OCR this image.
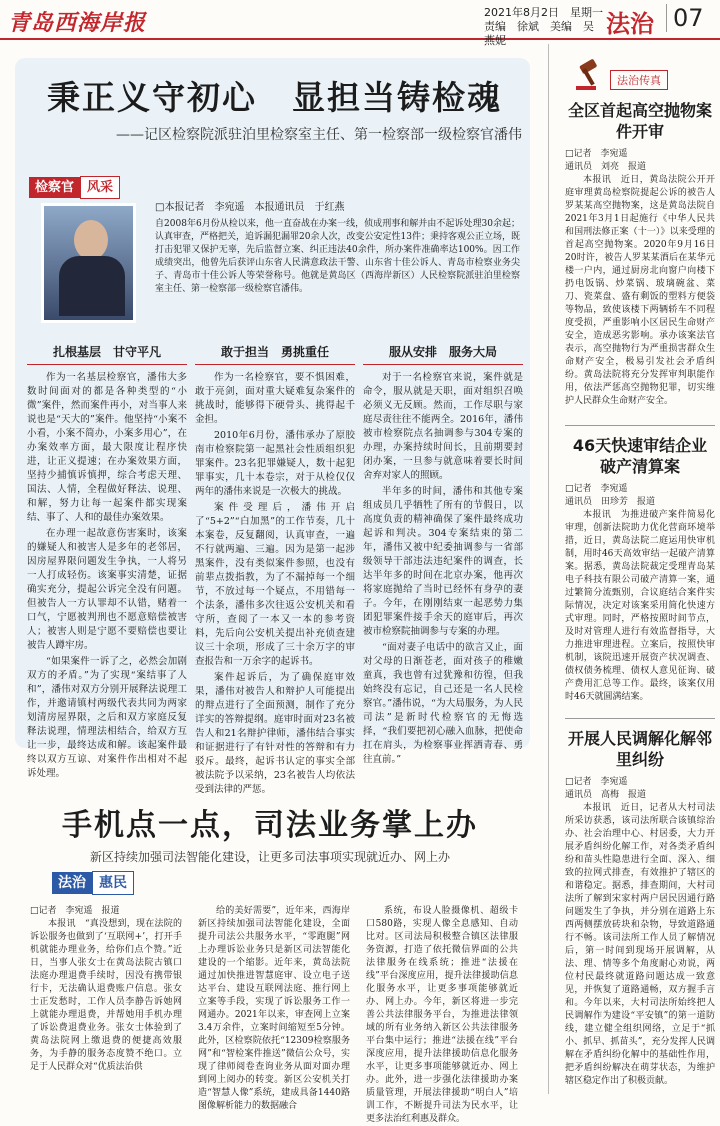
青岛西海岸报	2021年8月2日　 星期一
责编　徐斌　美编　吴燕妮
法治 07
秉正义守初心　显担当铸检魂
——记区检察院派驻泊里检察室主任、第一检察部一级检察官潘伟
检察官 风采
□本报记者　李宛遥　本报通讯员　于红燕
自2008年6月份从检以来，他一直奋战在办案一线，侦成刑事和解并由不起诉处理30余起；认真审查，严格把关，追诉漏犯漏罪20余人次，改变公安定性13件；秉持客观公正立场，既打击犯罪又保护无辜，先后监督立案、纠正违法40余件，所办案件准确率达100%。因工作成绩突出，他曾先后获评山东省人民满意政法干警、山东省十佳公诉人、青岛市检察业务尖子、青岛市十佳公诉人等荣誉称号。他就是黄岛区（西海岸新区）人民检察院派驻泊里检察室主任、第一检察部一级检察官潘伟。
扎根基层　甘守平凡

作为一名基层检察官，潘伟大多数时间面对的都是各种类型的“小微”案件，然而案件再小，对当事人来说也是“天大的”案件。他坚持“小案不小看，小案不简办，小案多用心”，在办案效率方面，最大限度让程序快进，让正义提速；在办案效果方面，坚持少捕慎诉慎押，综合考虑天理、国法、人情，全程做好释法、说理、和解，努力让每一起案件都实现案结、事了、人和的最佳办案效果。

在办理一起故意伤害案时，该案的嫌疑人和被害人是多年的老邻居，因房屋界限问题发生争执，一人将另一人打成轻伤。该案事实清楚，证据确实充分，提起公诉完全没有问题。但被告人一方认罪却不认错，赌着一口气，宁愿被判刑也不愿意赔偿被害人；被害人则是宁愿不要赔偿也要让被告人蹲牢房。

“如果案件一诉了之，必然会加剧双方的矛盾。”为了实现“案结事了人和”，潘伟对双方分别开展释法说理工作，并邀请镇村两级代表共同为两家划清房屋界限，之后和双方家庭反复释法说理，情理法相结合，给双方互让一步，最终达成和解。该起案件最终以双方互谅、对案件作出相对不起诉处理。

敢于担当　勇挑重任

作为一名检察官，要不惧困难，敢于亮剑，面对重大疑难复杂案件的挑战时，能够得下硬骨头、挑得起千金担。

2010年6月份，潘伟承办了原胶南市检察院第一起黑社会性质组织犯罪案件。23名犯罪嫌疑人，数十起犯罪事实，几十本卷宗，对于从检仅仅两年的潘伟来说是一次极大的挑战。

案件受理后，潘伟开启了“5+2”“白加黑”的工作节奏，几十本案卷，反复翻阅，认真审查，一遍不行就两遍、三遍。因为是第一起涉黑案件，没有类似案件参照，也没有前辈点拨指教，为了不漏掉每一个细节，不放过每一个疑点，不用错每一个法条，潘伟多次往返公安机关和看守所，查阅了一本又一本的参考资料，先后向公安机关提出补充侦查建议三十余项，形成了三十余万字的审查报告和一万余字的起诉书。

案件起诉后，为了确保庭审效果，潘伟对被告人和辩护人可能提出的辩点进行了全面预测，制作了充分详实的答辩提纲。庭审时面对23名被告人和21名辩护律师，潘伟结合事实和证据进行了有针对性的答辩和有力驳斥。最终，起诉书认定的事实全部被法院予以采纳，23名被告人均依法受到法律的严惩。

服从安排　服务大局

对于一名检察官来说，案件就是命令，服从就是天职，面对组织召唤必须义无反顾。然而，工作尽职与家庭尽责往往不能两全。2016年，潘伟被市检察院点名抽调参与304专案的办理，办案持续时间长，且前期要封闭办案，一旦参与就意味着要长时间舍弃对家人的照顾。

半年多的时间，潘伟和其他专案组成员几乎牺牲了所有的节假日，以高度负责的精神确保了案件最终成功起诉和判决。304专案结束的第二年，潘伟又被中纪委抽调参与一省部级领导干部违法违纪案件的调查，长达半年多的时间在北京办案，他再次将家庭抛给了当时已经怀有身孕的妻子。今年，在刚刚结束一起恶势力集团犯罪案件接手余天的庭审后，再次被市检察院抽调参与专案的办理。

“面对妻子电话中的欲言又止，面对父母的日渐苍老，面对孩子的稚嫩童真，我也曾有过犹豫和彷徨，但我始终没有忘记，自己还是一名人民检察官。”潘伟说，“为大局服务，为人民司法”是新时代检察官的无悔选择，“我们要把初心融入血脉，把使命扛在肩头，为检察事业挥洒青春、勇往直前。”

手机点一点，司法业务掌上办
新区持续加强司法智能化建设，让更多司法事项实现就近办、网上办
法治 惠民

□记者　李宛遥　报道

本报讯　“真没想到，现在法院的诉讼服务也做到了‘互联网+’，打开手机就能办理业务，给你们点个赞。”近日，当事人张女士在黄岛法院古镇口法庭办理退费手续时，因没有携带银行卡，无法确认退费账户信息。张女士正发愁时，工作人员李静告诉她网上就能办理退费，并帮她用手机办理了诉讼费退费业务。张女士体验到了黄岛法院网上缴退费的便捷高效服务，为手静的服务态度赞不绝口。立足于人民群众对“优质法治供

给的美好需要”，近年来，西海岸新区持续加强司法智能化建设，全面提升司法公共服务水平，“零跑腿”网上办理诉讼业务只是新区司法智能化建设的一个缩影。近年来，黄岛法院通过加快推进智慧庭审、设立电子送达平台、建设互联网法庭、推行网上立案等手段，实现了诉讼服务工作一网通办。2021年以来，审查网上立案3.4万余件，立案时间缩短至5分钟。此外，区检察院依托“12309检察服务网”和“智检案件推送”微信公众号，实现了律师阅卷查询业务从面对面办理到网上阅办的转变。新区公安机关打造“智慧人像”系统，建成具备1440路图像解析能力的数据融合

系统，布设人脸摄像机、超级卡口580路，实现人像全息感知、自动比对。区司法局积极整合镇区法律服务资源，打造了依托微信界面的公共法律服务在线系统；推进“法援在线”平台深度应用，提升法律援助信息化服务水平，让更多事项能够就近办、网上办。今年，新区将进一步完善公共法律服务平台，为推进法律领域的所有业务纳入新区公共法律服务平台集中运行；推进“法援在线”平台深度应用，提升法律援助信息化服务水平，让更多事项能够就近办、网上办。此外，进一步强化法律援助办案质量管理，开展法律援助“明白人”培训工作，不断提升司法为民水平，让更多法治红利惠及群众。

法治传真
全区首起高空抛物案件开审
□记者　李宛遥
通讯员　刘亮　报道

本报讯　近日，黄岛法院公开开庭审理黄岛检察院提起公诉的被告人罗某某高空抛物案，这是黄岛法院自2021年3月1日起施行《中华人民共和国刑法修正案（十一）》以来受理的首起高空抛物案。2020年9月16日20时许，被告人罗某某酒后在某华元楼一户内，通过厨房北向窗户向楼下扔电饭锅、炒菜锅、玻璃碗盆、菜刀、瓷菜盘、盛有剩饭的塑料方便袋等物品，致使该楼下两辆轿车不同程度受损，严重影响小区居民生命财产安全，造成恶劣影响。承办该案法官表示，高空抛物行为严重损害群众生命财产安全，极易引发社会矛盾纠纷。黄岛法院将充分发挥审判职能作用，依法严惩高空抛物犯罪，切实维护人民群众生命财产安全。

46天快速审结企业破产清算案
□记者　李宛遥
通讯员　田珍芳　报道

本报讯　为推进破产案件简易化审理，创新法院助力优化营商环境举措，近日，黄岛法院二庭运用快审机制，用时46天高效审结一起破产清算案。据悉，黄岛法院裁定受理青岛某电子科技有限公司破产清算一案，通过繁简分流甄别，合议庭结合案件实际情况，决定对该案采用简化快速方式审理。同时，严格按照时间节点，及时对管理人进行有效监督指导，大力推进审理进程。立案后，按照快审机制，该院迅速开展资产状况调查、债权债务梳理、债权人意见征询、破产费用汇总等工作。最终，该案仅用时46天就圆满结案。

开展人民调解化解邻里纠纷
□记者　李宛遥
通讯员　高梅　报道

本报讯　近日，记者从大村司法所采访获悉，该司法所联合该镇综治办、社会治理中心、村居委，大力开展矛盾纠纷化解工作，对各类矛盾纠纷和苗头性隐患进行全面、深入、细致的拉网式排查，有效推护了辖区的和谐稳定。据悉，排查期间，大村司法所了解到宋家村两户居民因通行路问题发生了争执，并分别在道路上东西两侧摆放砖块和杂物，导致道路通行不畅。该司法所工作人员了解情况后，第一时间到现场开展调解，从法、理、情等多个角度耐心劝说，两位村民最终就道路问题达成一致意见，并恢复了道路通畅，双方握手言和。今年以来，大村司法所始终把人民调解作为建设“平安镇”的第一道防线，建立健全组织网络，立足于“抓小、抓早、抓苗头”，充分发挥人民调解在矛盾纠纷化解中的基础性作用，把矛盾纠纷解决在萌芽状态，为维护辖区稳定作出了积极贡献。
